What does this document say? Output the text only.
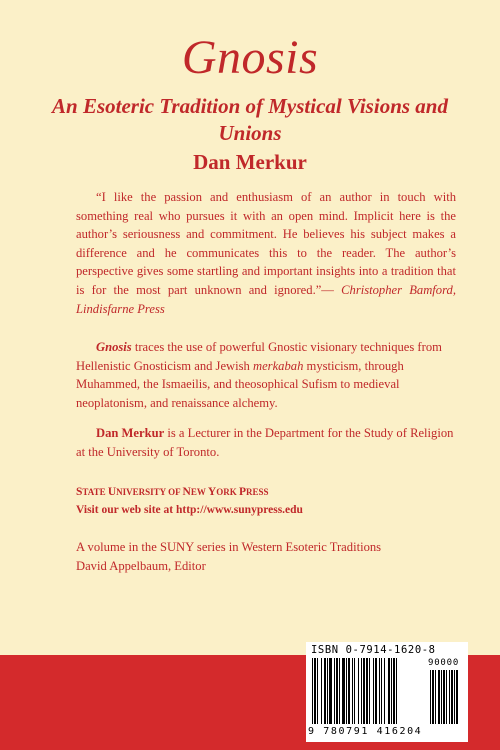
Gnosis
An Esoteric Tradition of Mystical Visions and Unions
Dan Merkur

“I like the passion and enthusiasm of an author in touch with something real who pursues it with an open mind. Implicit here is the author’s seriousness and commitment. He believes his subject makes a difference and he communicates this to the reader. The author’s perspective gives some startling and important insights into a tradition that is for the most part unknown and ignored.”— Christopher Bamford, Lindisfarne Press

Gnosis traces the use of powerful Gnostic visionary techniques from Hellenistic Gnosticism and Jewish merkabah mysticism, through Muhammed, the Ismaeilis, and theosophical Sufism to medieval neoplatonism, and renaissance alchemy.

Dan Merkur is a Lecturer in the Department for the Study of Religion at the University of Toronto.

STATE UNIVERSITY OF NEW YORK PRESS
Visit our web site at http://www.sunypress.edu
A volume in the SUNY series in Western Esoteric Traditions
David Appelbaum, Editor
ISBN 0-7914-1620-8
90000
9 780791 416204
